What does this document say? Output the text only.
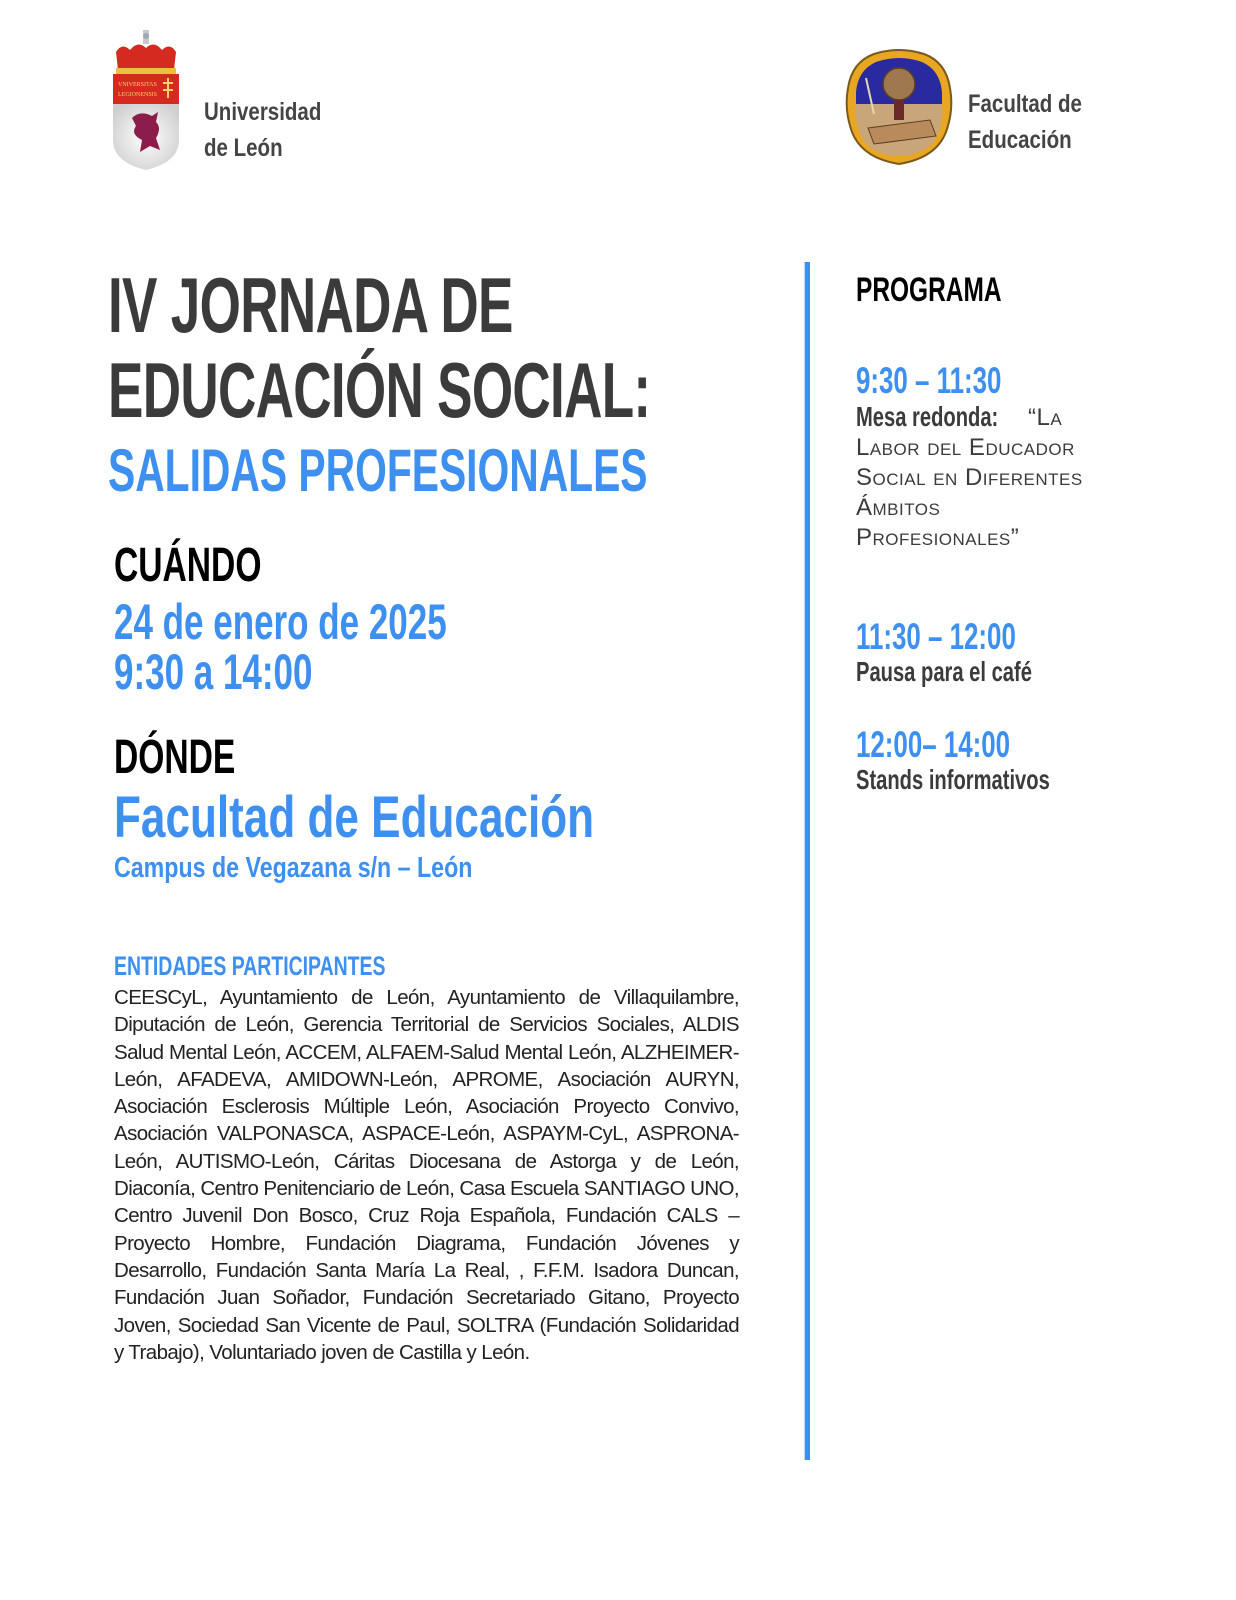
VNIVERSITAS
LEGIONENSIS
Universidad
de León
Facultad de
Educación
IV JORNADA DE
EDUCACIÓN SOCIAL:
SALIDAS PROFESIONALES
CUÁNDO
24 de enero de 2025
9:30 a 14:00
DÓNDE
Facultad de Educación
Campus de Vegazana s/n – León
ENTIDADES PARTICIPANTES
CEESCyL, Ayuntamiento de León, Ayuntamiento de Villaquilambre, Diputación de León, Gerencia Territorial de Servicios Sociales, ALDIS Salud Mental León, ACCEM, ALFAEM-Salud Mental León, ALZHEIMER-León, AFADEVA, AMIDOWN-León, APROME, Asociación AURYN, Asociación Esclerosis Múltiple León, Asociación Proyecto Convivo, Asociación VALPONASCA, ASPACE-León, ASPAYM-CyL, ASPRONA-León, AUTISMO-León, Cáritas Diocesana de Astorga y de León, Diaconía, Centro Penitenciario de León, Casa Escuela SANTIAGO UNO, Centro Juvenil Don Bosco, Cruz Roja Española, Fundación CALS – Proyecto Hombre, Fundación Diagrama, Fundación Jóvenes y Desarrollo, Fundación Santa María La Real, , F.F.M. Isadora Duncan, Fundación Juan Soñador, Fundación Secretariado Gitano, Proyecto Joven, Sociedad San Vicente de Paul, SOLTRA (Fundación Solidaridad y Trabajo), Voluntariado joven de Castilla y León.
PROGRAMA
9:30 – 11:30
“La Labor del Educador Social en Diferentes Ámbitos Profesionales”
Mesa redonda:
11:30 – 12:00
Pausa para el café
12:00– 14:00
Stands informativos
